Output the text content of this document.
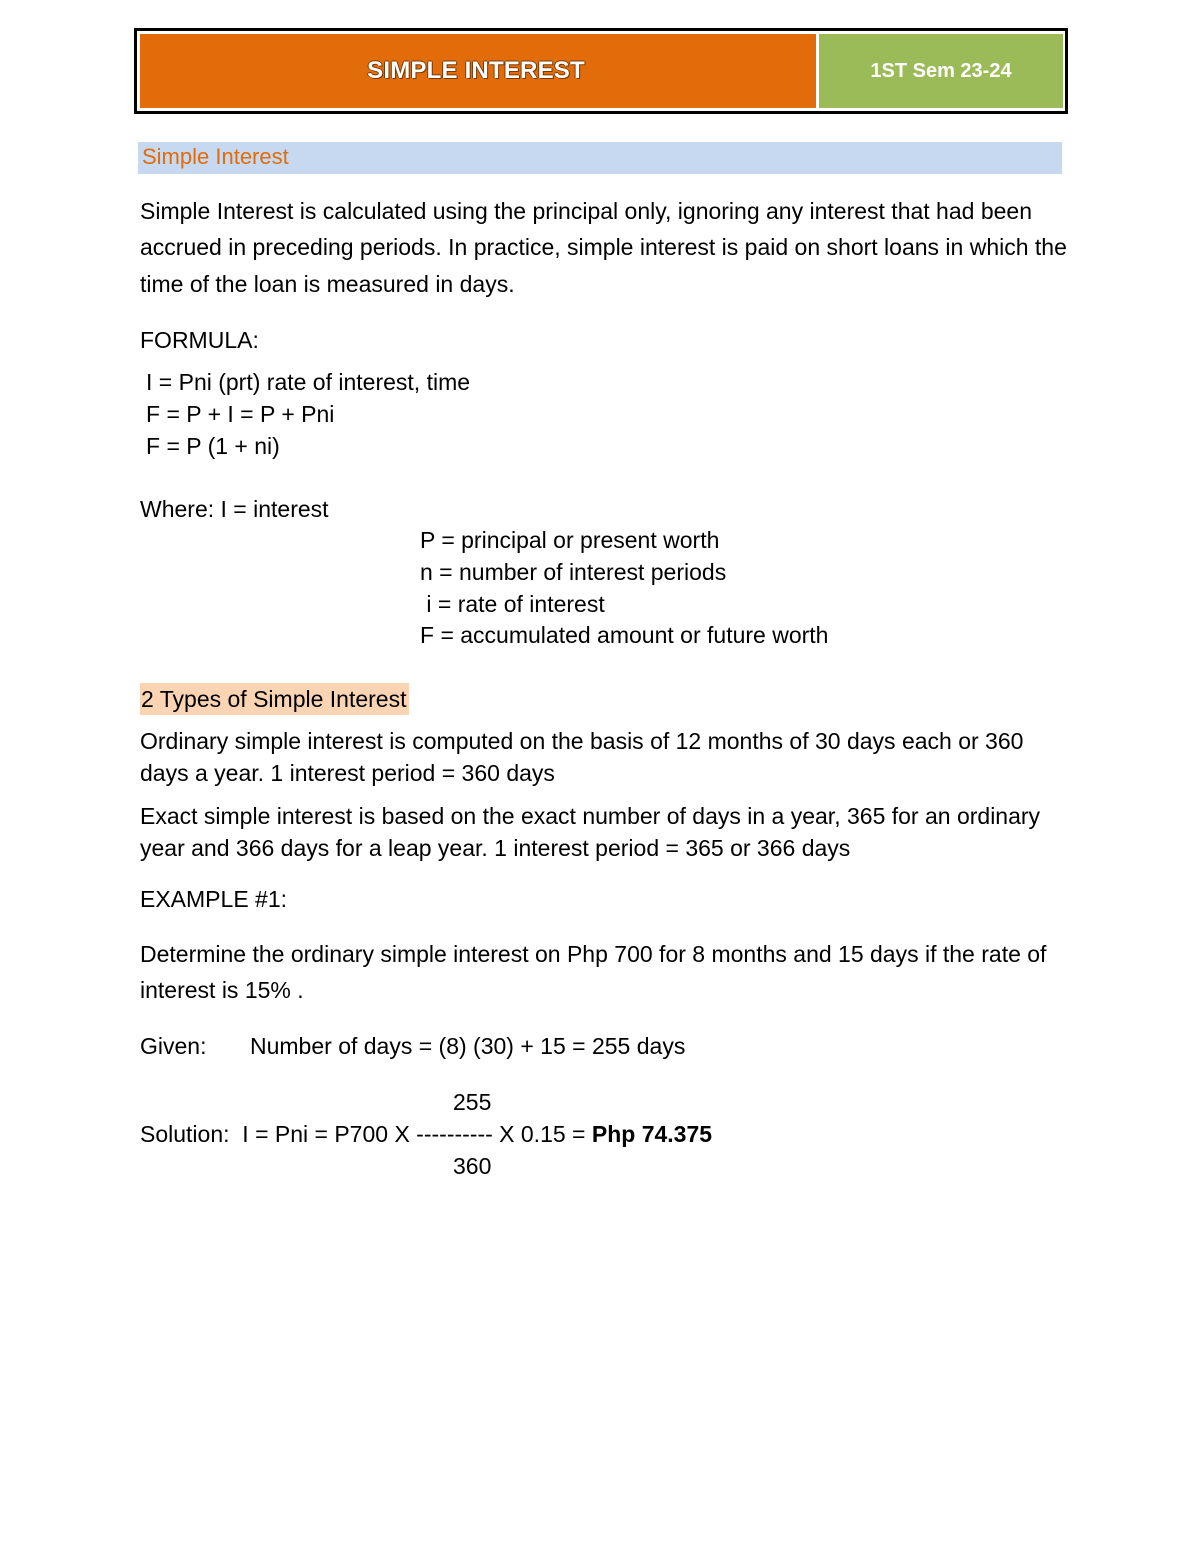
SIMPLE INTEREST	1ST Sem 23-24
Simple Interest
Simple Interest is calculated using the principal only, ignoring any interest that had been
accrued in preceding periods. In practice, simple interest is paid on short loans in which the
time of the loan is measured in days.
FORMULA:
I = Pni (prt) rate of interest, time
F = P + I = P + Pni
F = P (1 + ni)
Where: I = interest
P = principal or present worth
n = number of interest periods
i = rate of interest
F = accumulated amount or future worth
2 Types of Simple Interest
Ordinary simple interest is computed on the basis of 12 months of 30 days each or 360
days a year. 1 interest period = 360 days
Exact simple interest is based on the exact number of days in a year, 365 for an ordinary
year and 366 days for a leap year. 1 interest period = 365 or 366 days
EXAMPLE #1:
Determine the ordinary simple interest on Php 700 for 8 months and 15 days if the rate of
interest is 15% .
Given: Number of days = (8) (30) + 15 = 255 days
255
Solution:  I = Pni = P700 X ---------- X 0.15 = Php 74.375
360
